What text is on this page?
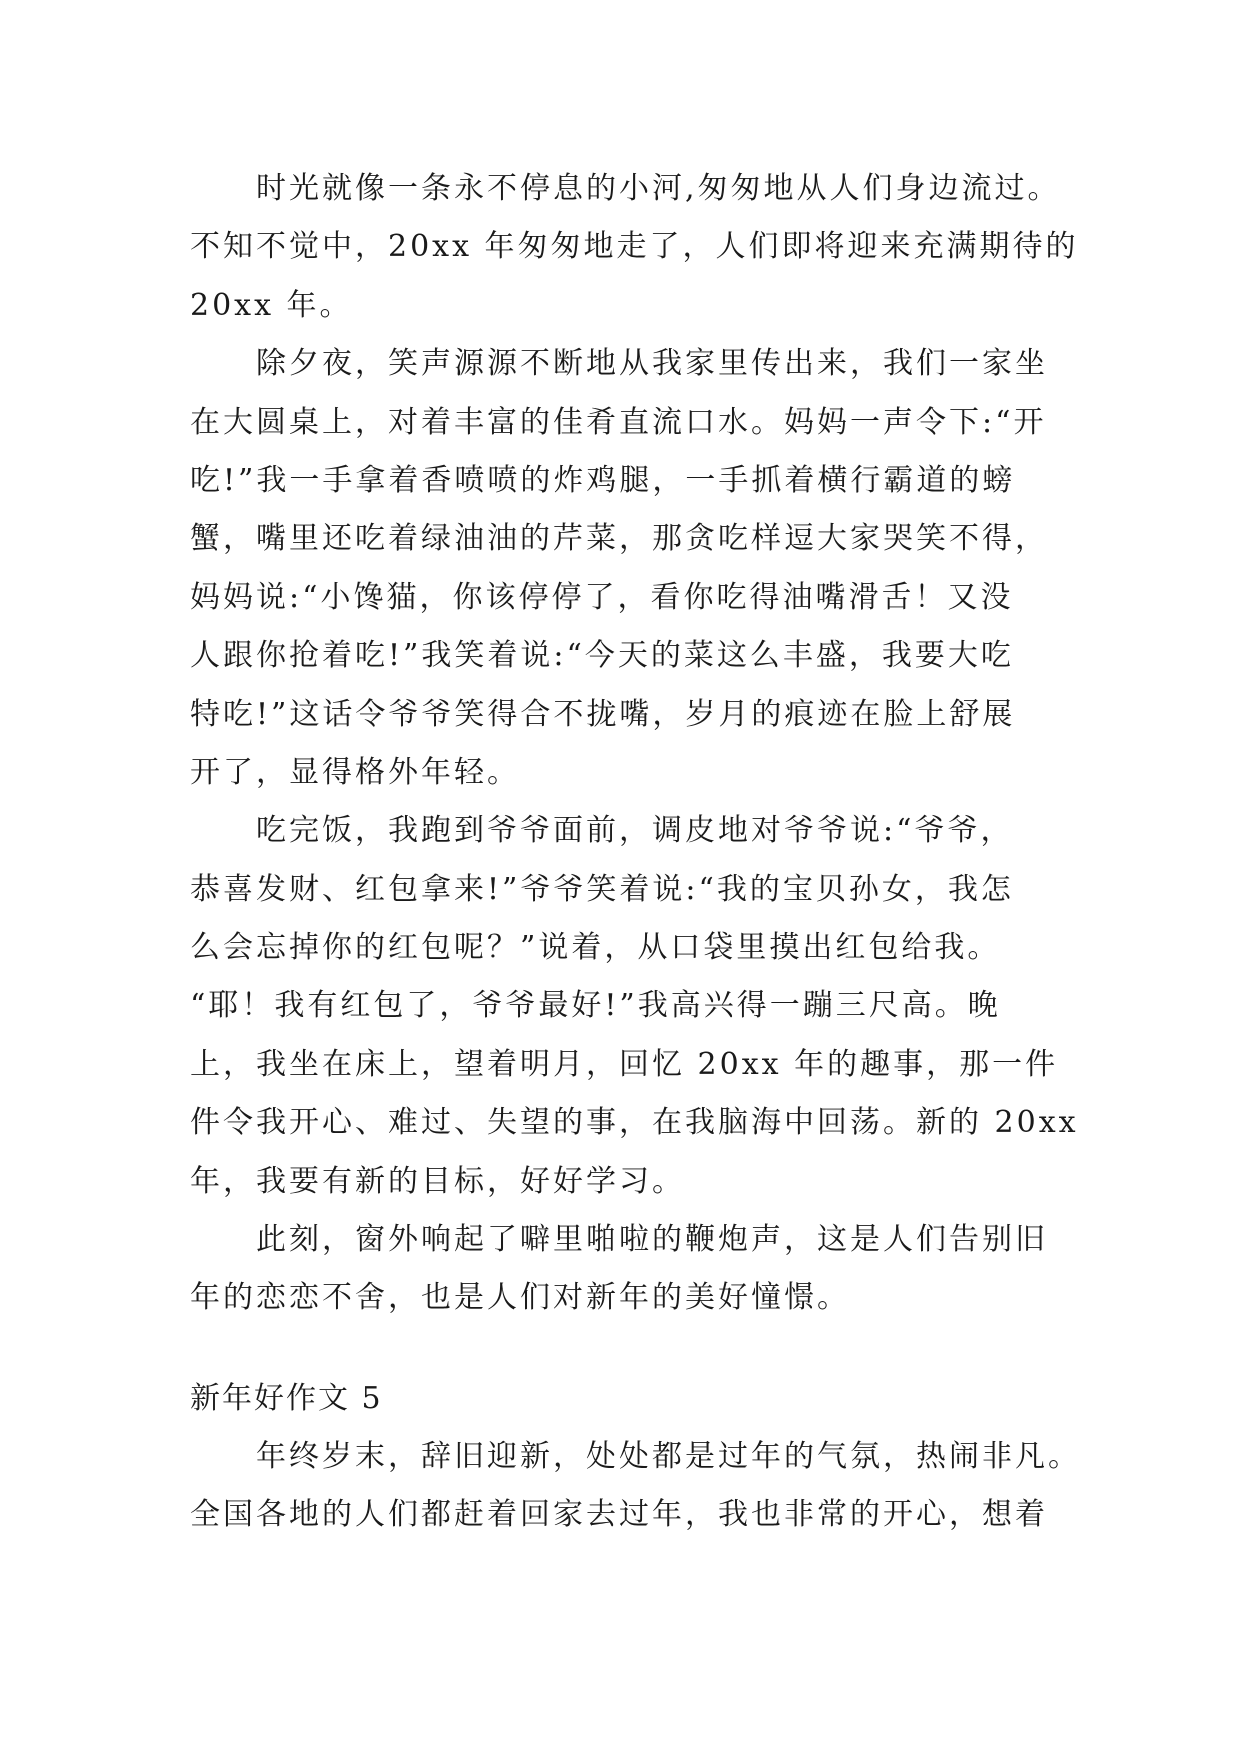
时光就像一条永不停息的小河,匆匆地从人们身边流过。
不知不觉中，20xx 年匆匆地走了，人们即将迎来充满期待的
20xx 年。
除夕夜，笑声源源不断地从我家里传出来，我们一家坐
在大圆桌上，对着丰富的佳肴直流口水。妈妈一声令下:“开
吃!”我一手拿着香喷喷的炸鸡腿，一手抓着横行霸道的螃
蟹，嘴里还吃着绿油油的芹菜，那贪吃样逗大家哭笑不得，
妈妈说:“小馋猫，你该停停了，看你吃得油嘴滑舌！又没
人跟你抢着吃!”我笑着说:“今天的菜这么丰盛，我要大吃
特吃!”这话令爷爷笑得合不拢嘴，岁月的痕迹在脸上舒展
开了，显得格外年轻。
吃完饭，我跑到爷爷面前，调皮地对爷爷说:“爷爷，
恭喜发财、红包拿来!”爷爷笑着说:“我的宝贝孙女，我怎
么会忘掉你的红包呢？”说着，从口袋里摸出红包给我。
“耶！我有红包了，爷爷最好!”我高兴得一蹦三尺高。晚
上，我坐在床上，望着明月，回忆 20xx 年的趣事，那一件
件令我开心、难过、失望的事，在我脑海中回荡。新的 20xx
年，我要有新的目标，好好学习。
此刻，窗外响起了噼里啪啦的鞭炮声，这是人们告别旧
年的恋恋不舍，也是人们对新年的美好憧憬。
新年好作文 5
年终岁末，辞旧迎新，处处都是过年的气氛，热闹非凡。
全国各地的人们都赶着回家去过年，我也非常的开心，想着
